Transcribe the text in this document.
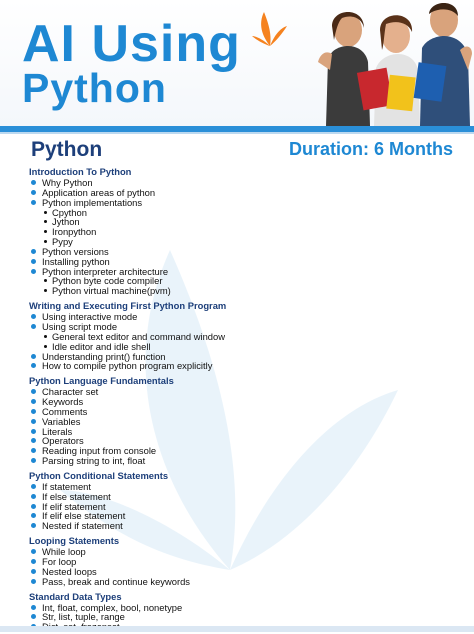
AI Using
Python
Python	Duration: 6 Months
Introduction To Python
Why Python
Application areas of python
Python implementations
Cpython
Jython
Ironpython
Pypy
Python versions
Installing python
Python interpreter architecture
Python byte code compiler
Python virtual machine(pvm)
Writing and Executing First Python Program
Using interactive mode
Using script mode
General text editor and command window
Idle editor and idle shell
Understanding print() function
How to compile python program explicitly
Python Language Fundamentals
Character set
Keywords
Comments
Variables
Literals
Operators
Reading input from console
Parsing string to int, float
Python Conditional Statements
If statement
If else statement
If elif statement
If elif else statement
Nested if statement
Looping Statements
While loop
For loop
Nested loops
Pass, break and continue keywords
Standard Data Types
Int, float, complex, bool, nonetype
Str, list, tuple, range
